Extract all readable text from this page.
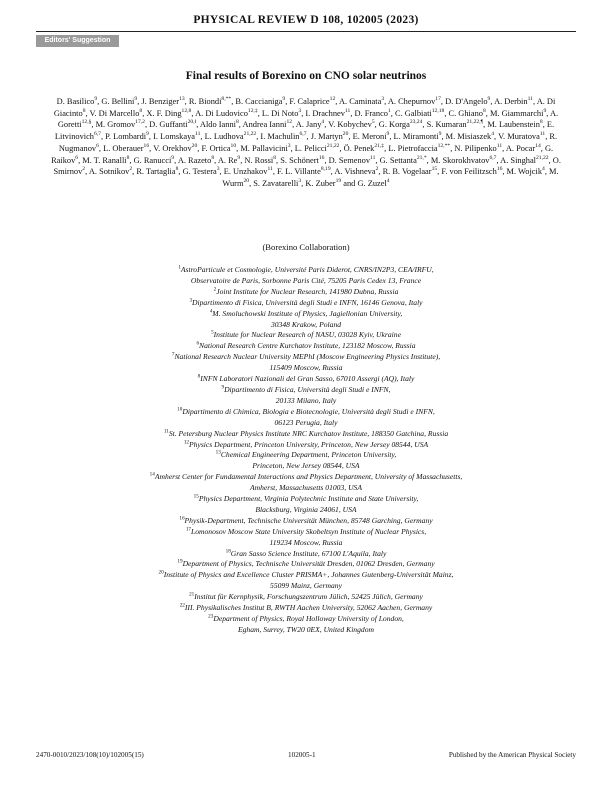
PHYSICAL REVIEW D 108, 102005 (2023)
Editors' Suggestion
Final results of Borexino on CNO solar neutrinos
D. Basilico$^9$, G. Bellini$^9$, J. Benziger$^{13}$, R. Biondi$^{8,**}$, B. Caccianiga$^9$, F. Calaprice$^{12}$, A. Caminata$^3$, A. Chepurnov$^{17}$, D. D'Angelo$^9$, A. Derbin$^{11}$, A. Di Giacinto$^8$, V. Di Marcello$^8$, X. F. Ding$^{12,8}$, A. Di Ludovico$^{12,\ddagger}$, L. Di Noto$^3$, I. Drachnev$^{11}$, D. Franco$^1$, C. Galbiati$^{12,18}$, C. Ghiano$^8$, M. Giammarchi$^9$, A. Goretti$^{12,\S}$, M. Gromov$^{17,2}$, D. Guffanti$^{20,‖}$, Aldo Ianni$^8$, Andrea Ianni$^{12}$, A. Jany$^4$, V. Kobychev$^5$, G. Korga$^{23,24}$, S. Kumaran$^{21,22,\P}$, M. Laubenstein$^8$, E. Litvinovich$^{6,7}$, P. Lombardi$^9$, I. Lomskaya$^{11}$, L. Ludhova$^{21,22}$, I. Machulin$^{6,7}$, J. Martyn$^{20}$, E. Meroni$^9$, L. Miramonti$^9$, M. Misiaszek$^4$, V. Muratova$^{11}$, R. Nugmanov$^6$, L. Oberauer$^{16}$, V. Orekhov$^{20}$, F. Ortica$^{10}$, M. Pallavicini$^3$, L. Pelicci$^{21,22}$, Ö. Penek$^{21,\ddagger}$, L. Pietrofaccia$^{12,**}$, N. Pilipenko$^{11}$, A. Pocar$^{14}$, G. Raikov$^6$, M. T. Ranalli$^8$, G. Ranucci$^9$, A. Razeto$^8$, A. Re$^9$, N. Rossi$^8$, S. Schönert$^{16}$, D. Semenov$^{11}$, G. Settanta$^{21,*}$, M. Skorokhvatov$^{6,7}$, A. Singhal$^{21,22}$, O. Smirnov$^2$, A. Sotnikov$^2$, R. Tartaglia$^8$, G. Testera$^3$, E. Unzhakov$^{11}$, F. L. Villante$^{8,19}$, A. Vishneva$^2$, R. B. Vogelaar$^{15}$, F. von Feilitzsch$^{16}$, M. Wojcik$^4$, M. Wurm$^{20}$, S. Zavatarelli$^3$, K. Zuber$^{19}$ and G. Zuzel$^4$
(Borexino Collaboration)
$^1$AstroParticule et Cosmologie, Université Paris Diderot, CNRS/IN2P3, CEA/IRFU,
Observatoire de Paris, Sorbonne Paris Cité, 75205 Paris Cedex 13, France
$^2$Joint Institute for Nuclear Research, 141980 Dubna, Russia
$^3$Dipartimento di Fisica, Università degli Studi e INFN, 16146 Genova, Italy
$^4$M. Smoluchowski Institute of Physics, Jagiellonian University,
30348 Krakow, Poland
$^5$Institute for Nuclear Research of NASU, 03028 Kyiv, Ukraine
$^6$National Research Centre Kurchatov Institute, 123182 Moscow, Russia
$^7$National Research Nuclear University MEPhI (Moscow Engineering Physics Institute),
115409 Moscow, Russia
$^8$INFN Laboratori Nazionali del Gran Sasso, 67010 Assergi (AQ), Italy
$^9$Dipartimento di Fisica, Università degli Studi e INFN,
20133 Milano, Italy
$^{10}$Dipartimento di Chimica, Biologia e Biotecnologie, Università degli Studi e INFN,
06123 Perugia, Italy
$^{11}$St. Petersburg Nuclear Physics Institute NRC Kurchatov Institute, 188350 Gatchina, Russia
$^{12}$Physics Department, Princeton University, Princeton, New Jersey 08544, USA
$^{13}$Chemical Engineering Department, Princeton University,
Princeton, New Jersey 08544, USA
$^{14}$Amherst Center for Fundamental Interactions and Physics Department, University of Massachusetts,
Amherst, Massachusetts 01003, USA
$^{15}$Physics Department, Virginia Polytechnic Institute and State University,
Blacksburg, Virginia 24061, USA
$^{16}$Physik-Department, Technische Universität München, 85748 Garching, Germany
$^{17}$Lomonosov Moscow State University Skobeltsyn Institute of Nuclear Physics,
119234 Moscow, Russia
$^{18}$Gran Sasso Science Institute, 67100 L'Aquila, Italy
$^{19}$Department of Physics, Technische Universität Dresden, 01062 Dresden, Germany
$^{20}$Institute of Physics and Excellence Cluster PRISMA+, Johannes Gutenberg-Universität Mainz,
55099 Mainz, Germany
$^{21}$Institut für Kernphysik, Forschungszentrum Jülich, 52425 Jülich, Germany
$^{22}$III. Physikalisches Institut B, RWTH Aachen University, 52062 Aachen, Germany
$^{23}$Department of Physics, Royal Holloway University of London,
Egham, Surrey, TW20 0EX, United Kingdom
2470-0010/2023/108(10)/102005(15)	102005-1	Published by the American Physical Society
